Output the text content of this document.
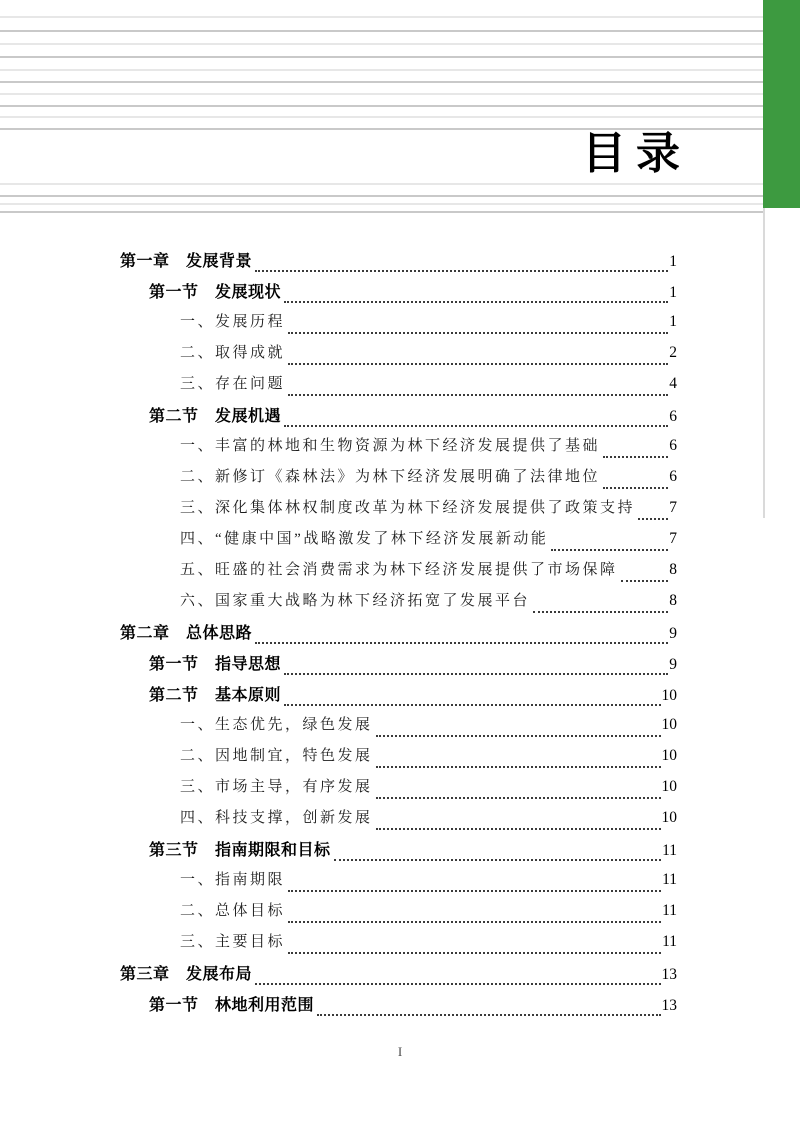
目录
第一章　发展背景	1
第一节　发展现状	1
一、发展历程	1
二、取得成就	2
三、存在问题	4
第二节　发展机遇	6
一、丰富的林地和生物资源为林下经济发展提供了基础	6
二、新修订《森林法》为林下经济发展明确了法律地位	6
三、深化集体林权制度改革为林下经济发展提供了政策支持 7
四、“健康中国”战略激发了林下经济发展新动能	7
五、旺盛的社会消费需求为林下经济发展提供了市场保障	8
六、国家重大战略为林下经济拓宽了发展平台	8
第二章　总体思路	9
第一节　指导思想	9
第二节　基本原则	10
一、生态优先，绿色发展	10
二、因地制宜，特色发展	10
三、市场主导，有序发展	10
四、科技支撑，创新发展	10
第三节　指南期限和目标	11
一、指南期限	11
二、总体目标	11
三、主要目标	11
第三章　发展布局	13
第一节　林地利用范围	13
I
